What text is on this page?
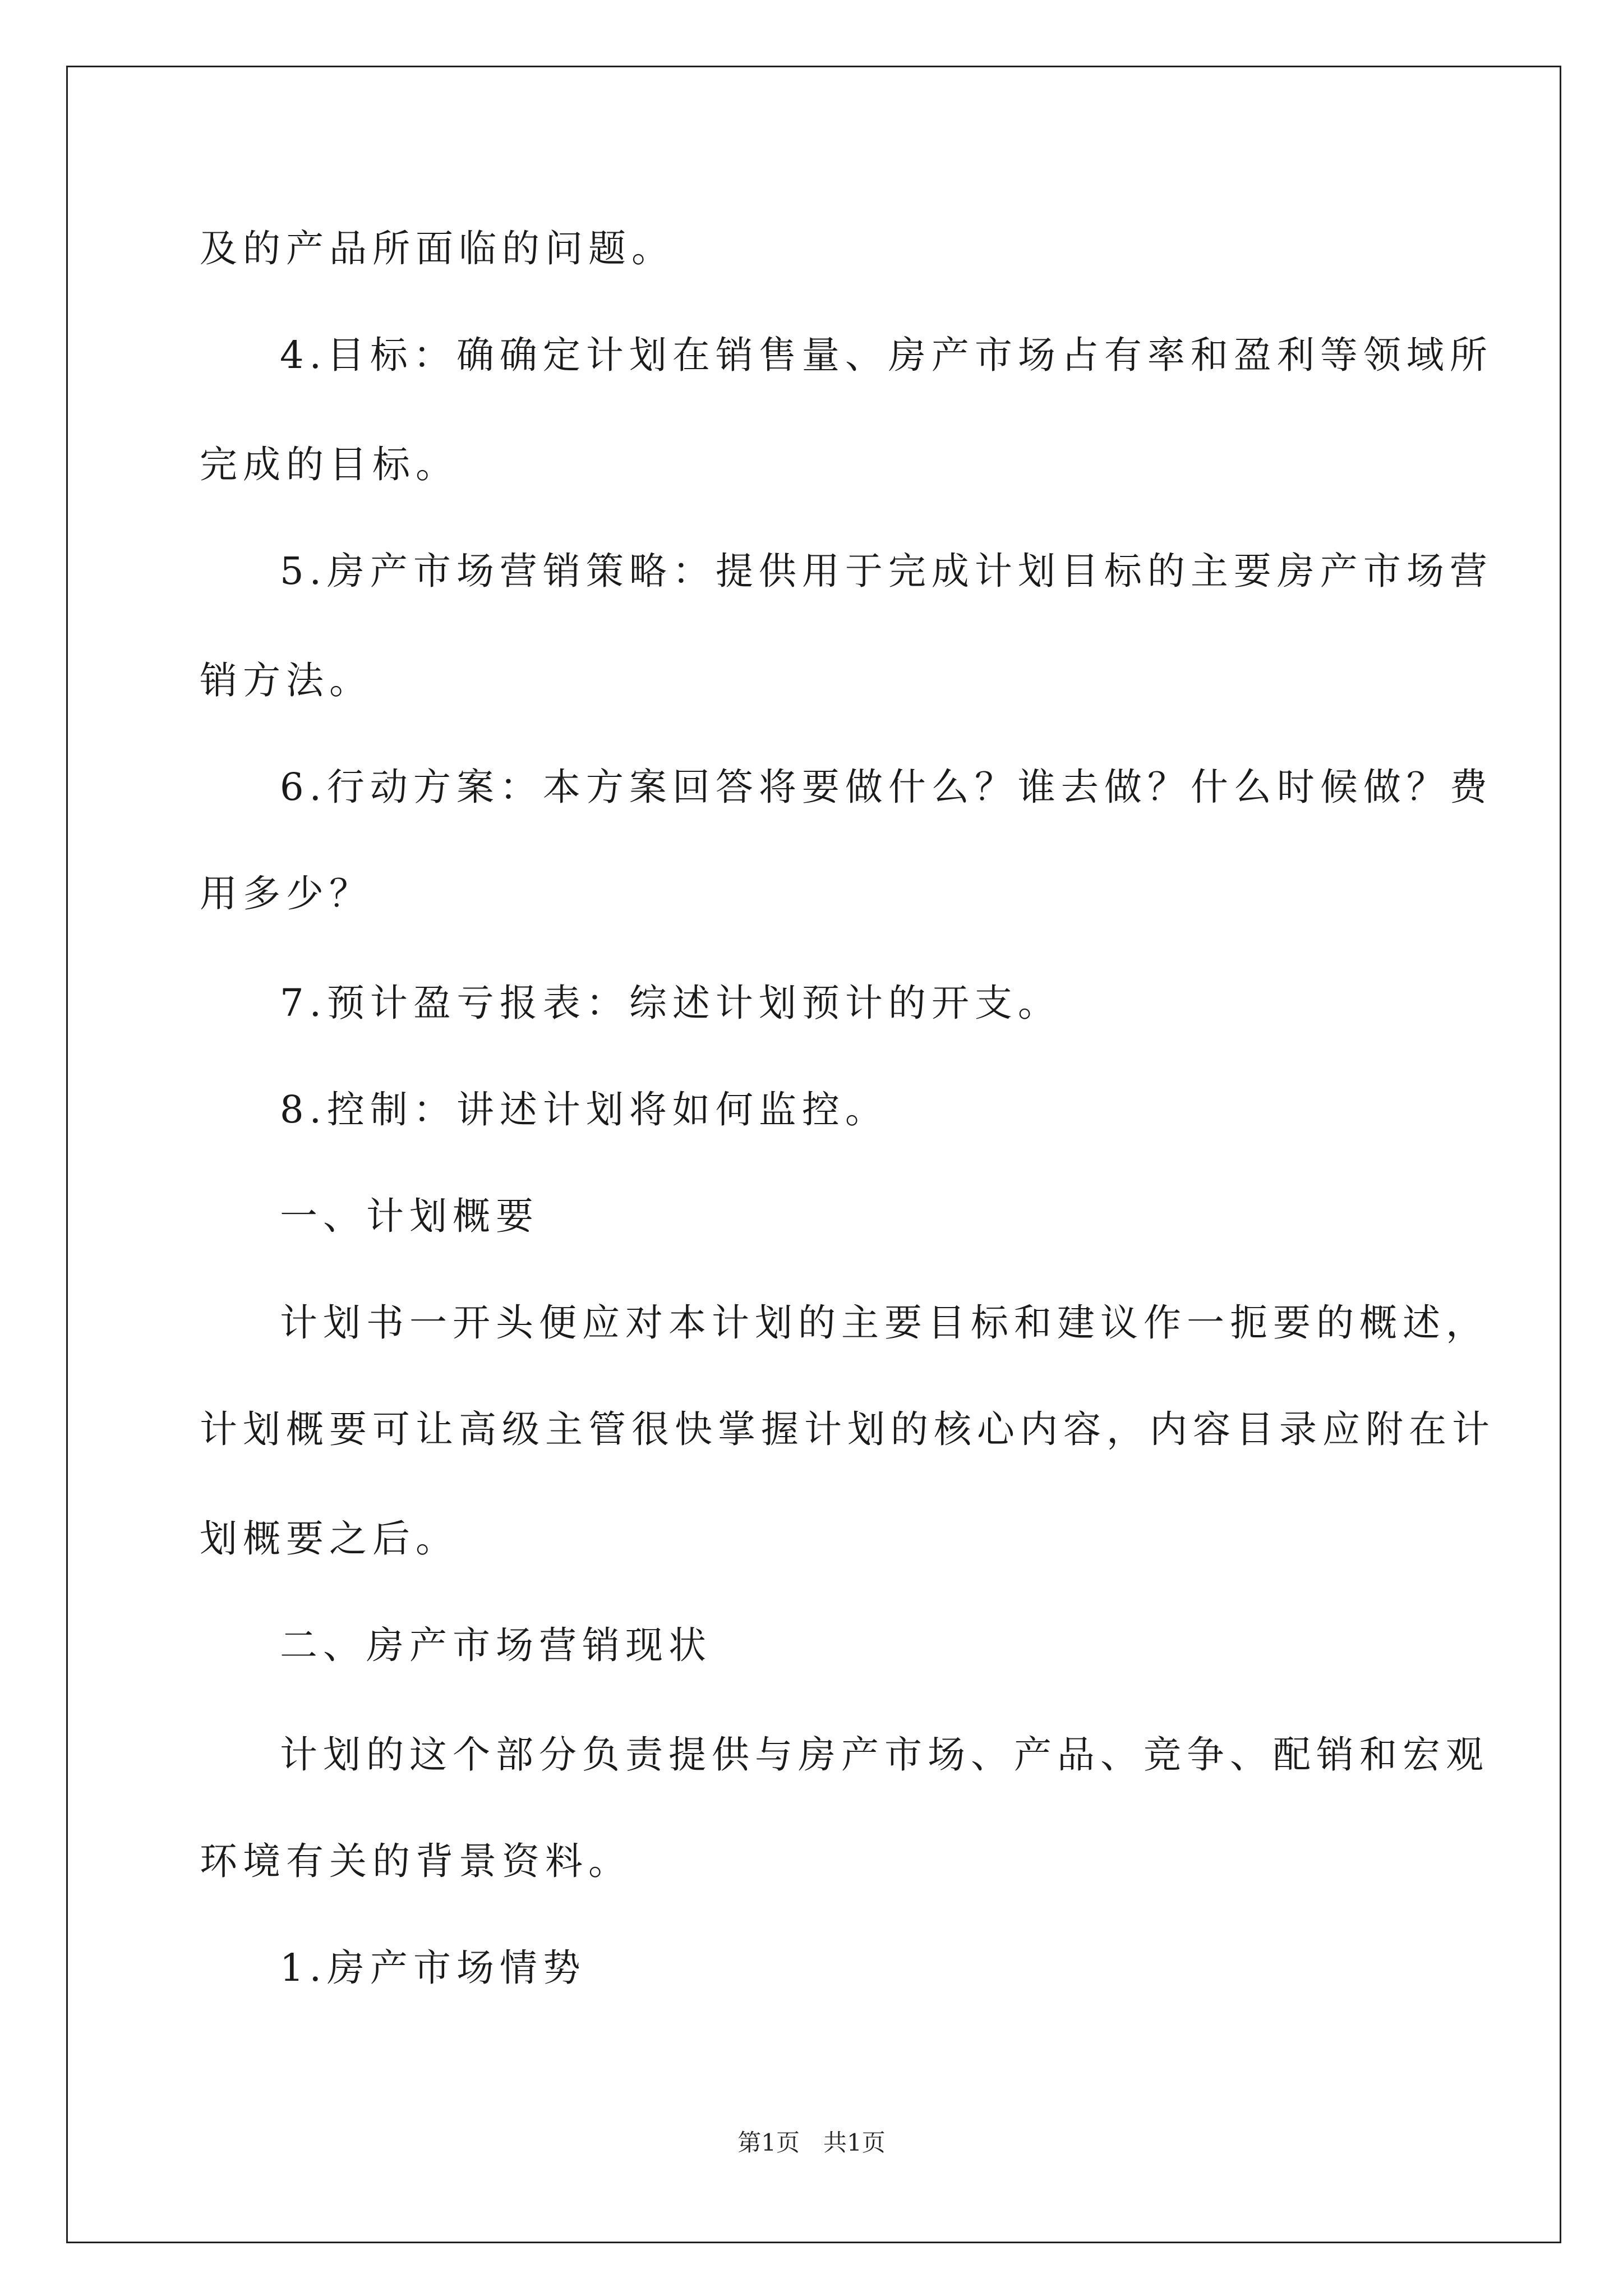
及的产品所面临的问题。
4.目标：确确定计划在销售量、房产市场占有率和盈利等领域所
完成的目标。
5.房产市场营销策略：提供用于完成计划目标的主要房产市场营
销方法。
6.行动方案：本方案回答将要做什么？谁去做？什么时候做？费
用多少？
7.预计盈亏报表：综述计划预计的开支。
8.控制：讲述计划将如何监控。
一、计划概要
计划书一开头便应对本计划的主要目标和建议作一扼要的概述，
计划概要可让高级主管很快掌握计划的核心内容，内容目录应附在计
划概要之后。
二、房产市场营销现状
计划的这个部分负责提供与房产市场、产品、竞争、配销和宏观
环境有关的背景资料。
1.房产市场情势
第1页　共1页
